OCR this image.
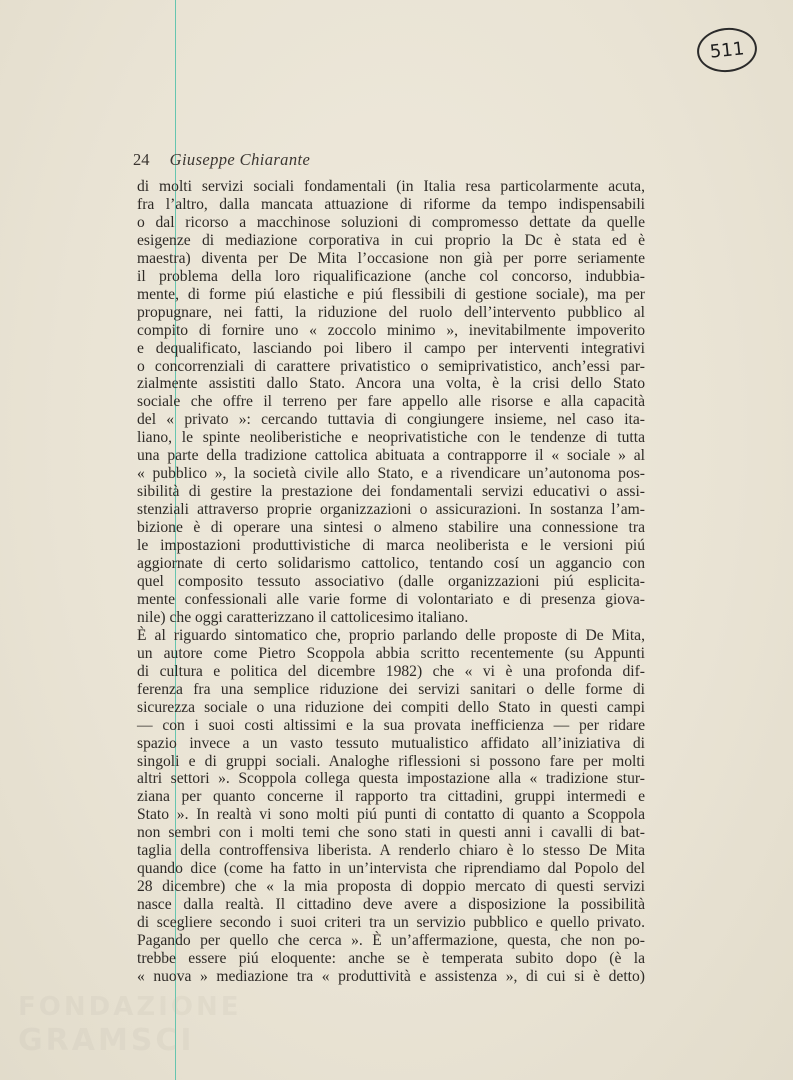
511
24 Giuseppe Chiarante
di molti servizi sociali fondamentali (in Italia resa particolarmente acuta,
fra l’altro, dalla mancata attuazione di riforme da tempo indispensabili
o dal ricorso a macchinose soluzioni di compromesso dettate da quelle
esigenze di mediazione corporativa in cui proprio la Dc è stata ed è
maestra) diventa per De Mita l’occasione non già per porre seriamente
il problema della loro riqualificazione (anche col concorso, indubbia-
mente, di forme piú elastiche e piú flessibili di gestione sociale), ma per
propugnare, nei fatti, la riduzione del ruolo dell’intervento pubblico al
compito di fornire uno « zoccolo minimo », inevitabilmente impoverito
e dequalificato, lasciando poi libero il campo per interventi integrativi
o concorrenziali di carattere privatistico o semiprivatistico, anch’essi par-
zialmente assistiti dallo Stato. Ancora una volta, è la crisi dello Stato
sociale che offre il terreno per fare appello alle risorse e alla capacità
del « privato »: cercando tuttavia di congiungere insieme, nel caso ita-
liano, le spinte neoliberistiche e neoprivatistiche con le tendenze di tutta
una parte della tradizione cattolica abituata a contrapporre il « sociale » al
« pubblico », la società civile allo Stato, e a rivendicare un’autonoma pos-
sibilità di gestire la prestazione dei fondamentali servizi educativi o assi-
stenziali attraverso proprie organizzazioni o assicurazioni. In sostanza l’am-
bizione è di operare una sintesi o almeno stabilire una connessione tra
le impostazioni produttivistiche di marca neoliberista e le versioni piú
aggiornate di certo solidarismo cattolico, tentando cosí un aggancio con
quel composito tessuto associativo (dalle organizzazioni piú esplicita-
mente confessionali alle varie forme di volontariato e di presenza giova-
nile) che oggi caratterizzano il cattolicesimo italiano.
È al riguardo sintomatico che, proprio parlando delle proposte di De Mita,
un autore come Pietro Scoppola abbia scritto recentemente (su Appunti
di cultura e politica del dicembre 1982) che « vi è una profonda dif-
ferenza fra una semplice riduzione dei servizi sanitari o delle forme di
sicurezza sociale o una riduzione dei compiti dello Stato in questi campi
— con i suoi costi altissimi e la sua provata inefficienza — per ridare
spazio invece a un vasto tessuto mutualistico affidato all’iniziativa di
singoli e di gruppi sociali. Analoghe riflessioni si possono fare per molti
altri settori ». Scoppola collega questa impostazione alla « tradizione stur-
ziana per quanto concerne il rapporto tra cittadini, gruppi intermedi e
Stato ». In realtà vi sono molti piú punti di contatto di quanto a Scoppola
non sembri con i molti temi che sono stati in questi anni i cavalli di bat-
taglia della controffensiva liberista. A renderlo chiaro è lo stesso De Mita
quando dice (come ha fatto in un’intervista che riprendiamo dal Popolo del
28 dicembre) che « la mia proposta di doppio mercato di questi servizi
nasce dalla realtà. Il cittadino deve avere a disposizione la possibilità
di scegliere secondo i suoi criteri tra un servizio pubblico e quello privato.
Pagando per quello che cerca ». È un’affermazione, questa, che non po-
trebbe essere piú eloquente: anche se è temperata subito dopo (è la
« nuova » mediazione tra « produttività e assistenza », di cui si è detto)
FONDAZIONE
GRAMSCI
